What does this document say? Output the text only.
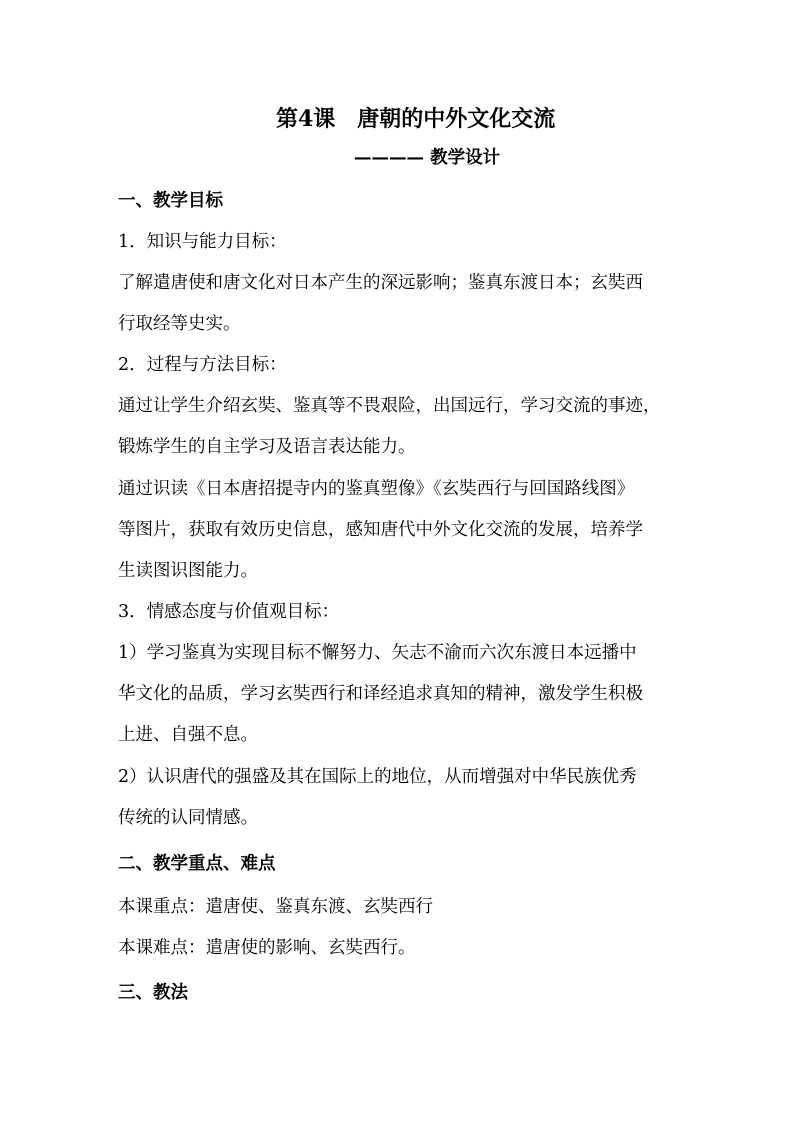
第4课　唐朝的中外文化交流
———— 教学设计
一、教学目标
1．知识与能力目标：
了解遣唐使和唐文化对日本产生的深远影响；鉴真东渡日本；玄奘西
行取经等史实。
2．过程与方法目标：
通过让学生介绍玄奘、鉴真等不畏艰险，出国远行，学习交流的事迹，
锻炼学生的自主学习及语言表达能力。
通过识读《日本唐招提寺内的鉴真塑像》《玄奘西行与回国路线图》
等图片，获取有效历史信息，感知唐代中外文化交流的发展，培养学
生读图识图能力。
3．情感态度与价值观目标：
1）学习鉴真为实现目标不懈努力、矢志不渝而六次东渡日本远播中
华文化的品质，学习玄奘西行和译经追求真知的精神，激发学生积极
上进、自强不息。
2）认识唐代的强盛及其在国际上的地位，从而增强对中华民族优秀
传统的认同情感。
二、教学重点、难点
本课重点：遣唐使、鉴真东渡、玄奘西行
本课难点：遣唐使的影响、玄奘西行。
三、教法
